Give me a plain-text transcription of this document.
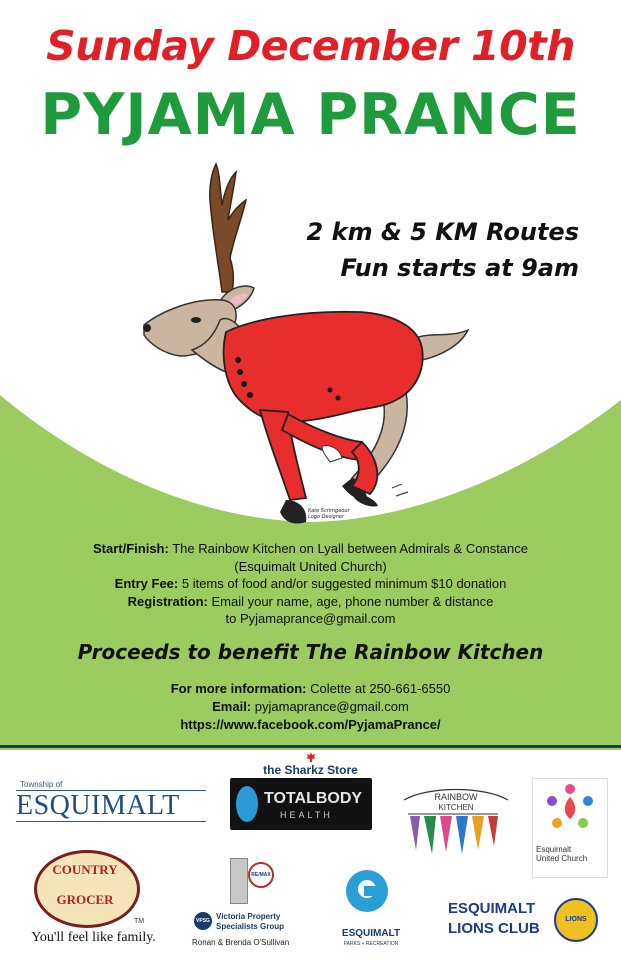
Sunday December 10th
PYJAMA PRANCE
2 km & 5 KM Routes
Fun starts at 9am
Kate Scrimgeour
Logo Designer
Start/Finish: The Rainbow Kitchen on Lyall between Admirals & Constance
(Esquimalt United Church)
Entry Fee: 5 items of food and/or suggested minimum $10 donation
Registration: Email your name, age, phone number & distance
to Pyjamaprance@gmail.com
Proceeds to benefit The Rainbow Kitchen
For more information: Colette at 250-661-6550
Email: pyjamaprance@gmail.com
https://www.facebook.com/PyjamaPrance/
the Sharkz Store
Township of
ESQUIMALT	TOTALBODY
HEALTH
RAINBOW
KITCHEN
Esquimalt
United Church
COUNTRY
GROCER
TM
You'll feel like family.
RE/MAX
VPSG Victoria Property
Specialists Group
Ronan & Brenda O'Sullivan
ESQUIMALT
PARKS + RECREATION
ESQUIMALT
LIONS CLUB
LIONS
